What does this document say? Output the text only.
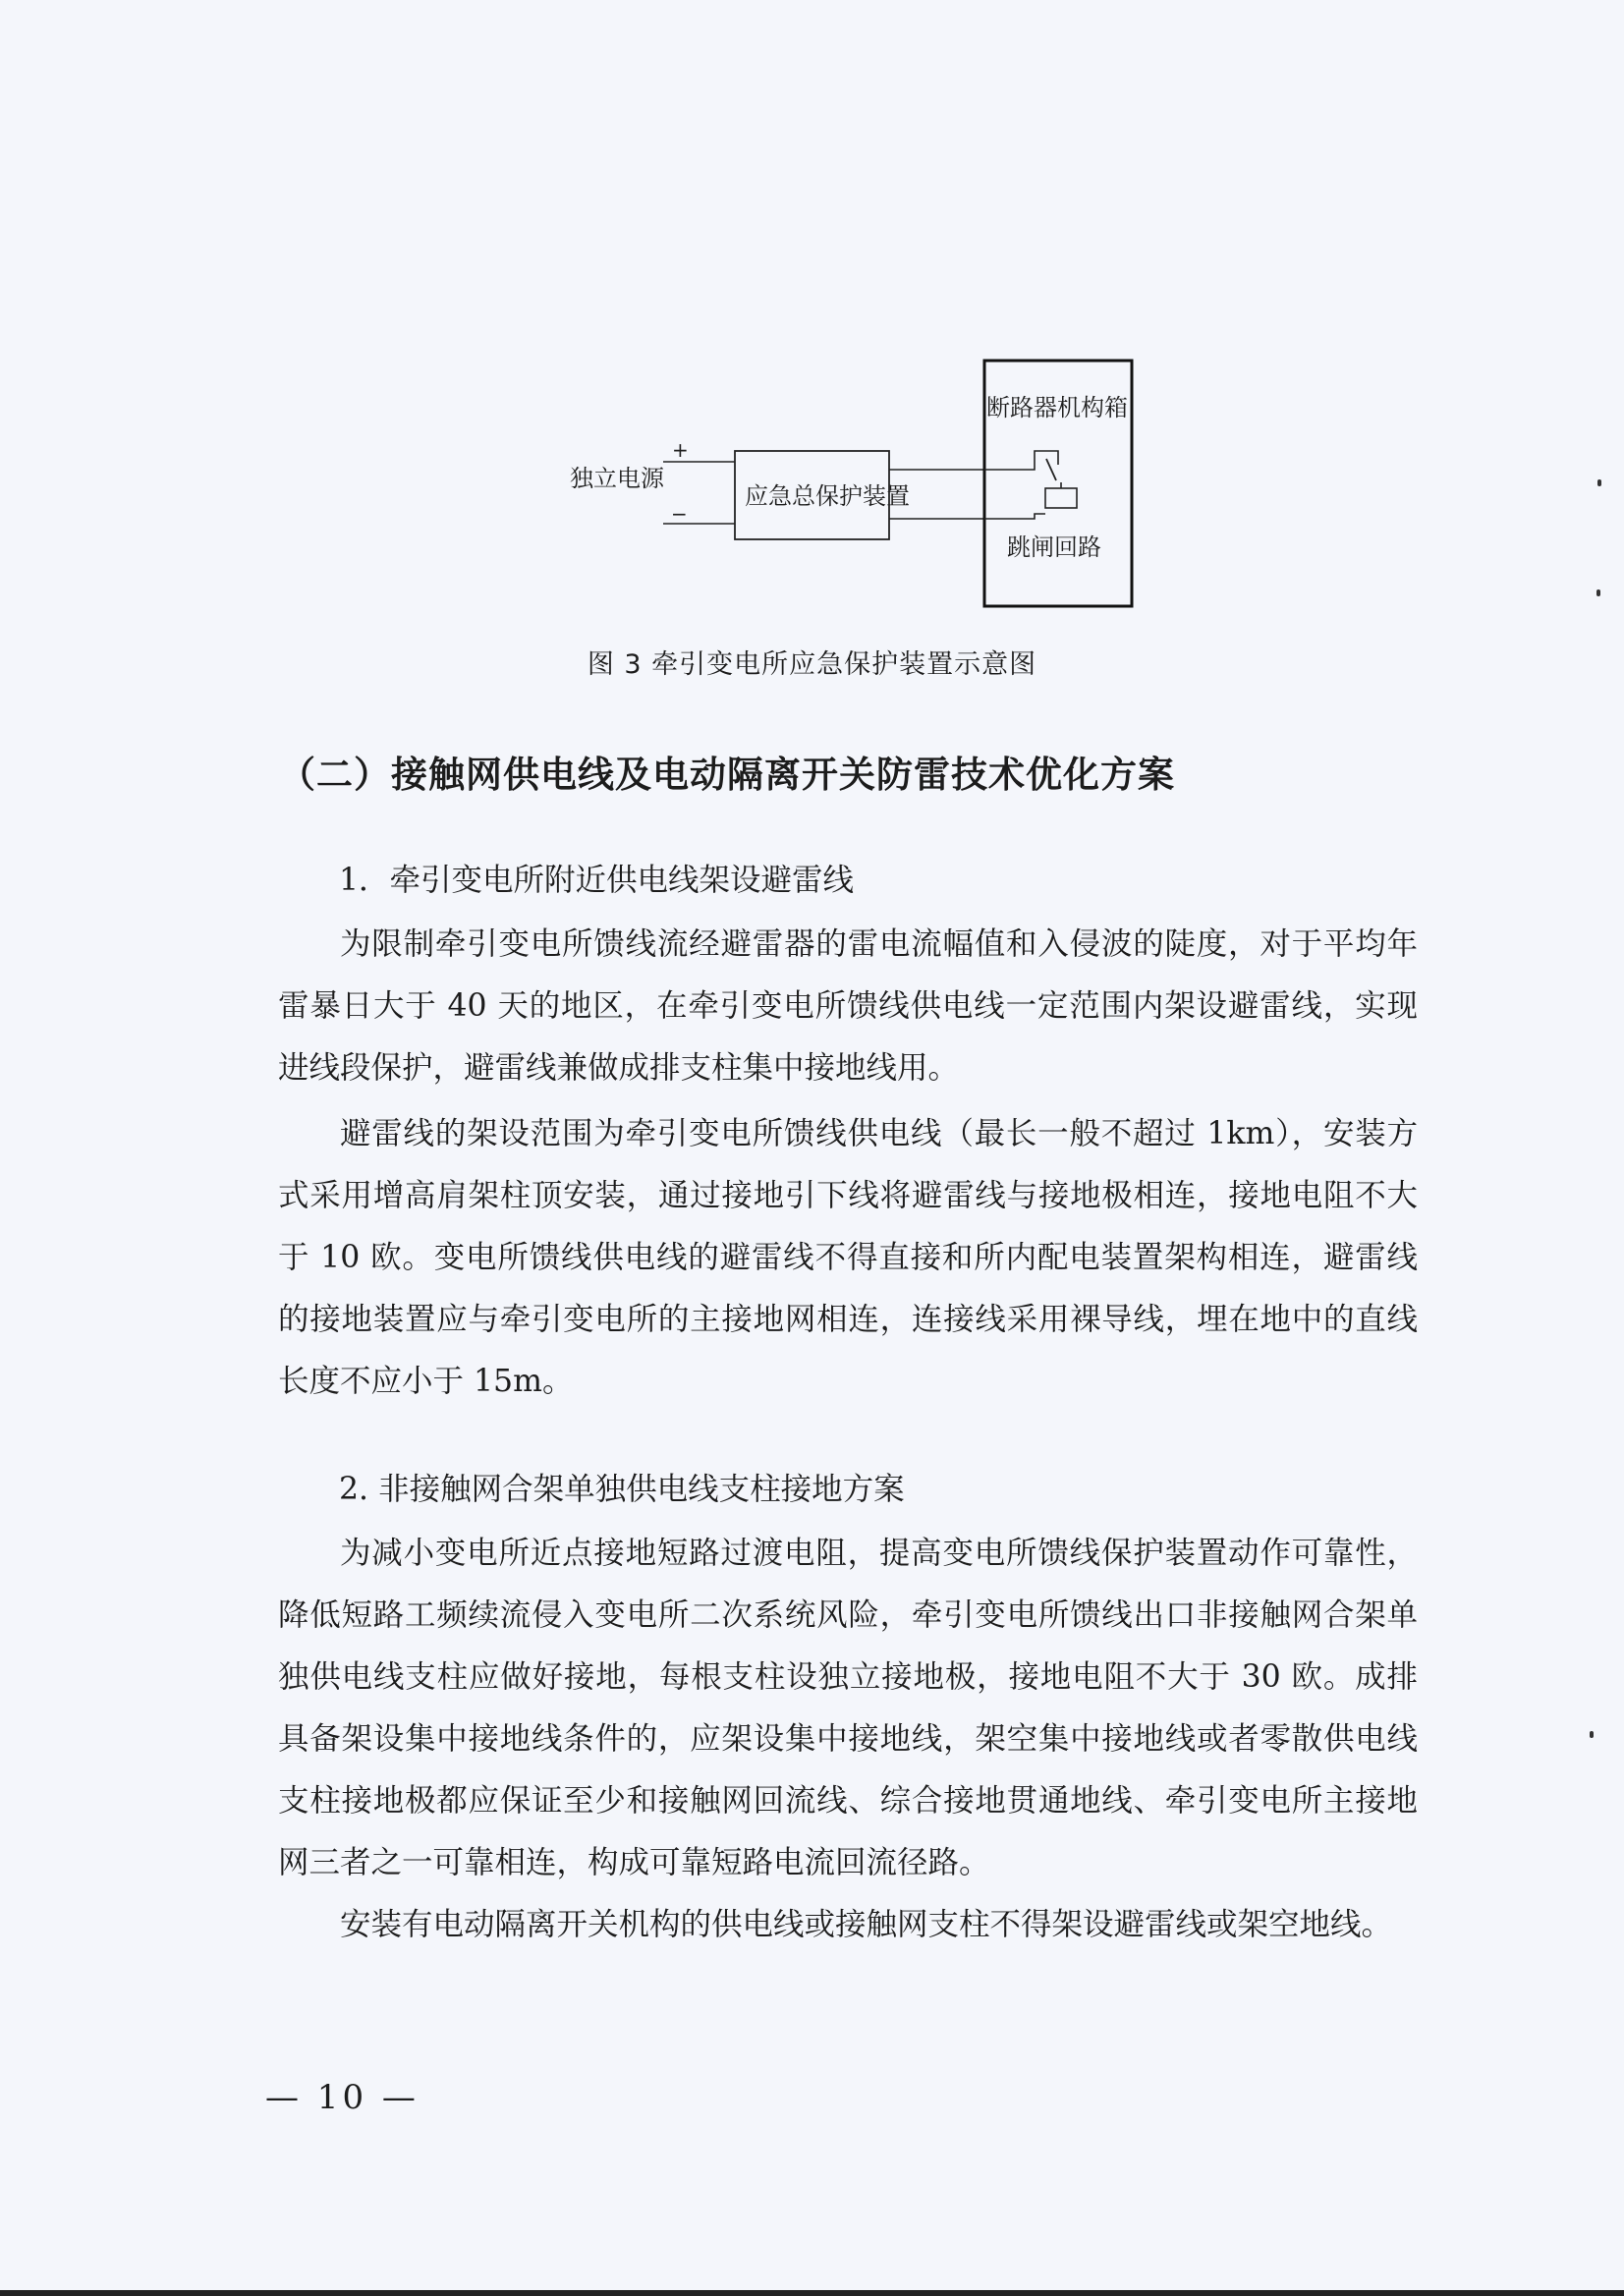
独立电源
+
−
应急总保护装置
断路器机构箱
跳闸回路
图 3 牵引变电所应急保护装置示意图
（二）接触网供电线及电动隔离开关防雷技术优化方案

1．牵引变电所附近供电线架设避雷线

为限制牵引变电所馈线流经避雷器的雷电流幅值和入侵波的陡度，对于平均年雷暴日大于 40 天的地区，在牵引变电所馈线供电线一定范围内架设避雷线，实现进线段保护，避雷线兼做成排支柱集中接地线用。

避雷线的架设范围为牵引变电所馈线供电线（最长一般不超过 1km），安装方式采用增高肩架柱顶安装，通过接地引下线将避雷线与接地极相连，接地电阻不大于 10 欧。变电所馈线供电线的避雷线不得直接和所内配电装置架构相连，避雷线的接地装置应与牵引变电所的主接地网相连，连接线采用裸导线，埋在地中的直线长度不应小于 15m。

2. 非接触网合架单独供电线支柱接地方案

为减小变电所近点接地短路过渡电阻，提高变电所馈线保护装置动作可靠性，降低短路工频续流侵入变电所二次系统风险，牵引变电所馈线出口非接触网合架单独供电线支柱应做好接地，每根支柱设独立接地极，接地电阻不大于 30 欧。成排具备架设集中接地线条件的，应架设集中接地线，架空集中接地线或者零散供电线支柱接地极都应保证至少和接触网回流线、综合接地贯通地线、牵引变电所主接地网三者之一可靠相连，构成可靠短路电流回流径路。

安装有电动隔离开关机构的供电线或接触网支柱不得架设避雷线或架空地线。

— 10 —
